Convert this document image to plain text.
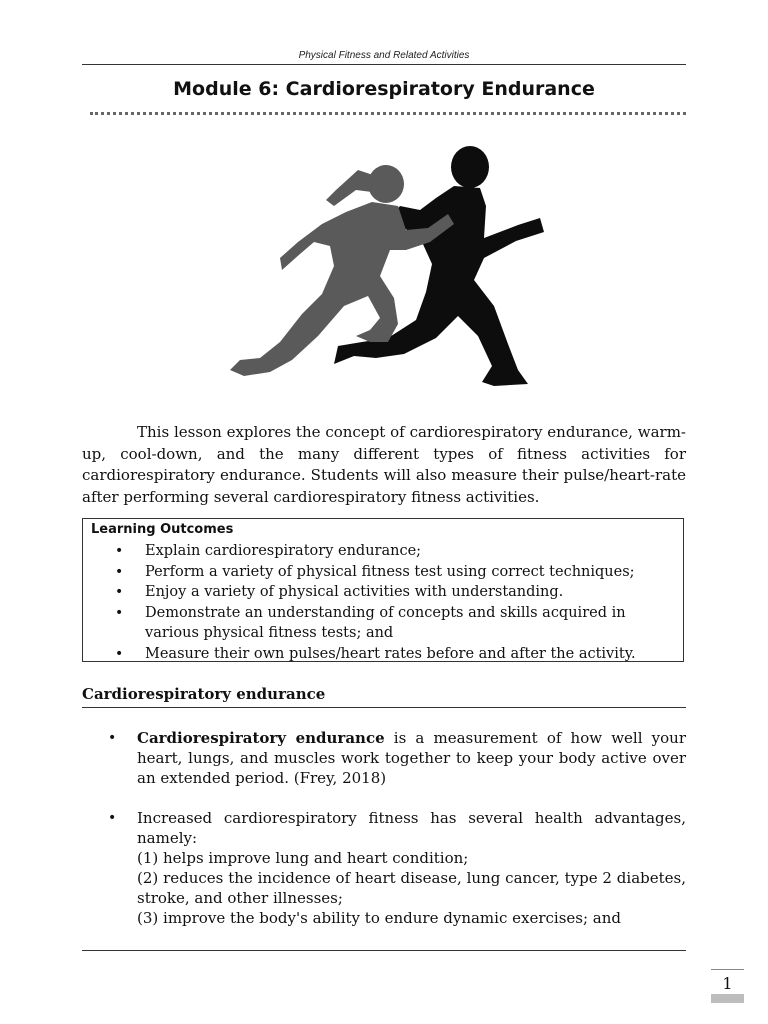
Physical Fitness and Related Activities
Module 6: Cardiorespiratory Endurance

This lesson explores the concept of cardiorespiratory endurance, warm-up, cool-down, and the many different types of fitness activities for cardiorespiratory endurance. Students will also measure their pulse/heart-rate after performing several cardiorespiratory fitness activities.

Learning Outcomes
• Explain cardiorespiratory endurance;
• Perform a variety of physical fitness test using correct techniques;
• Enjoy a variety of physical activities with understanding.
• Demonstrate an understanding of concepts and skills acquired in various physical fitness tests; and
• Measure their own pulses/heart rates before and after the activity.
Cardiorespiratory endurance
• Cardiorespiratory endurance is a measurement of how well your heart, lungs, and muscles work together to keep your body active over an extended period. (Frey, 2018)

• Increased cardiorespiratory fitness has several health advantages, namely:

(1) helps improve lung and heart condition;

(2) reduces the incidence of heart disease, lung cancer, type 2 diabetes, stroke, and other illnesses;

(3) improve the body's ability to endure dynamic exercises; and

1
